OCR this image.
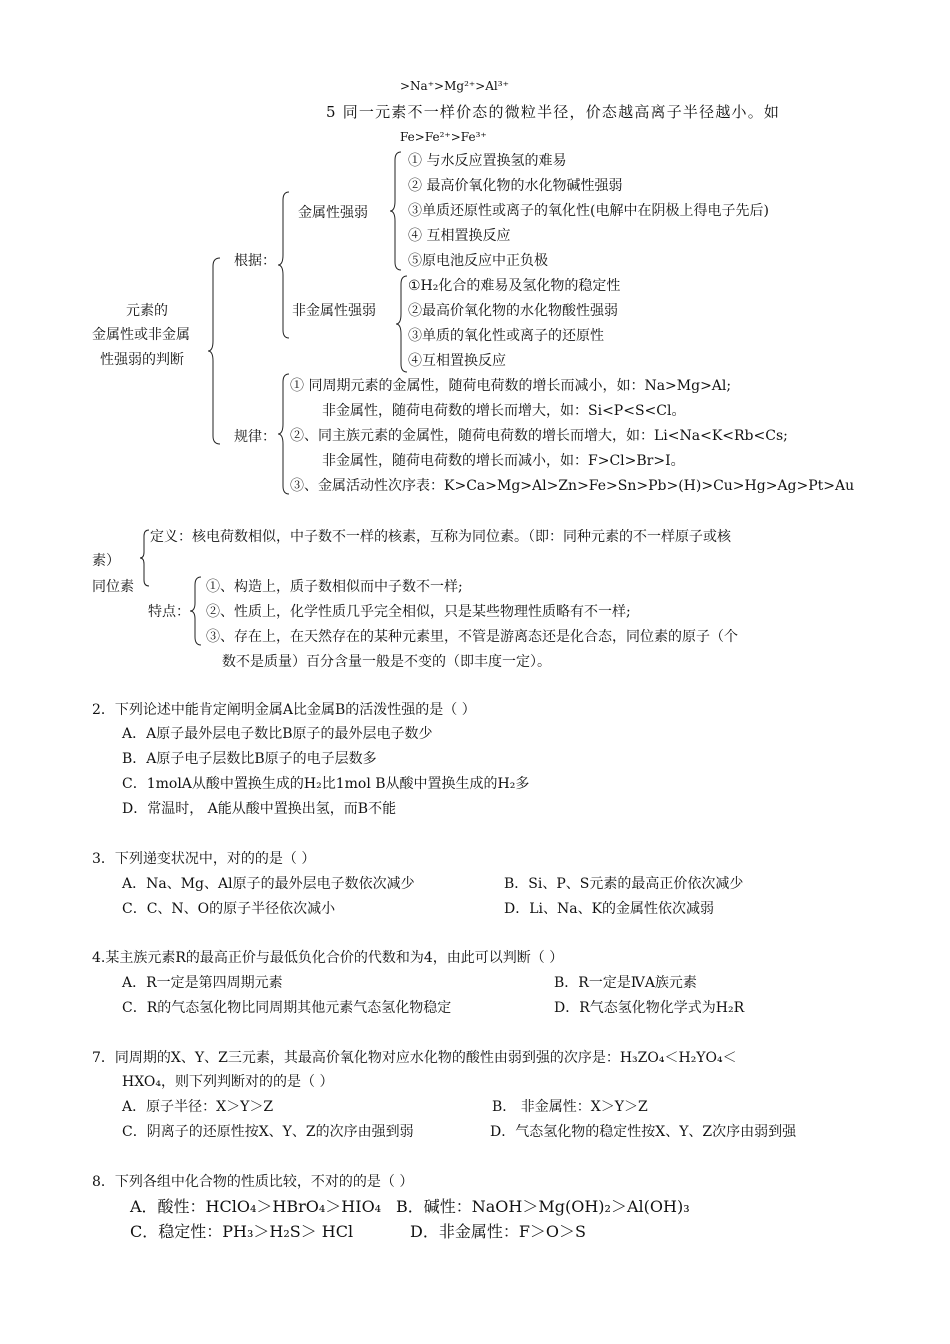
>Na⁺>Mg²⁺>Al³⁺
5 同一元素不一样价态的微粒半径，价态越高离子半径越小。如
Fe>Fe²⁺>Fe³⁺
元素的
金属性或非金属
性强弱的判断
根据：
金属性强弱
① 与水反应置换氢的难易
② 最高价氧化物的水化物碱性强弱
③单质还原性或离子的氧化性(电解中在阴极上得电子先后)
④ 互相置换反应
⑤原电池反应中正负极
非金属性强弱
①H₂化合的难易及氢化物的稳定性
②最高价氧化物的水化物酸性强弱
③单质的氧化性或离子的还原性
④互相置换反应
规律：
① 同周期元素的金属性，随荷电荷数的增长而减小，如：Na>Mg>Al;
非金属性，随荷电荷数的增长而增大，如：Si<P<S<Cl。
②、同主族元素的金属性，随荷电荷数的增长而增大，如：Li<Na<K<Rb<Cs;
非金属性，随荷电荷数的增长而减小，如：F>Cl>Br>I。
③、金属活动性次序表：K>Ca>Mg>Al>Zn>Fe>Sn>Pb>(H)>Cu>Hg>Ag>Pt>Au
定义：核电荷数相似，中子数不一样的核素，互称为同位素。（即：同种元素的不一样原子或核
素）
同位素
特点：
①、构造上，质子数相似而中子数不一样;
②、性质上，化学性质几乎完全相似，只是某些物理性质略有不一样;
③、存在上，在天然存在的某种元素里，不管是游离态还是化合态，同位素的原子（个
数不是质量）百分含量一般是不变的（即丰度一定）。
2．下列论述中能肯定阐明金属A比金属B的活泼性强的是（ ）
A．A原子最外层电子数比B原子的最外层电子数少
B．A原子电子层数比B原子的电子层数多
C．1molA从酸中置换生成的H₂比1mol B从酸中置换生成的H₂多
D．常温时， A能从酸中置换出氢，而B不能
3．下列递变状况中，对的的是（ ）
A．Na、Mg、Al原子的最外层电子数依次减少	B．Si、P、S元素的最高正价依次减少
C．C、N、O的原子半径依次减小	D．Li、Na、K的金属性依次减弱
4.某主族元素R的最高正价与最低负化合价的代数和为4，由此可以判断（ ）
A．R一定是第四周期元素	B．R一定是ⅣA族元素
C．R的气态氢化物比同周期其他元素气态氢化物稳定	D．R气态氢化物化学式为H₂R
7．同周期的X、Y、Z三元素，其最高价氧化物对应水化物的酸性由弱到强的次序是：H₃ZO₄＜H₂YO₄＜
HXO₄，则下列判断对的的是（ ）
A．原子半径：X＞Y＞Z	B． 非金属性：X＞Y＞Z
C．阴离子的还原性按X、Y、Z的次序由强到弱	D．气态氢化物的稳定性按X、Y、Z次序由弱到强
8．下列各组中化合物的性质比较，不对的的是（ ）
A．酸性：HClO₄＞HBrO₄＞HIO₄ B．碱性：NaOH＞Mg(OH)₂＞Al(OH)₃
C．稳定性：PH₃＞H₂S＞ HCl	D．非金属性：F＞O＞S
